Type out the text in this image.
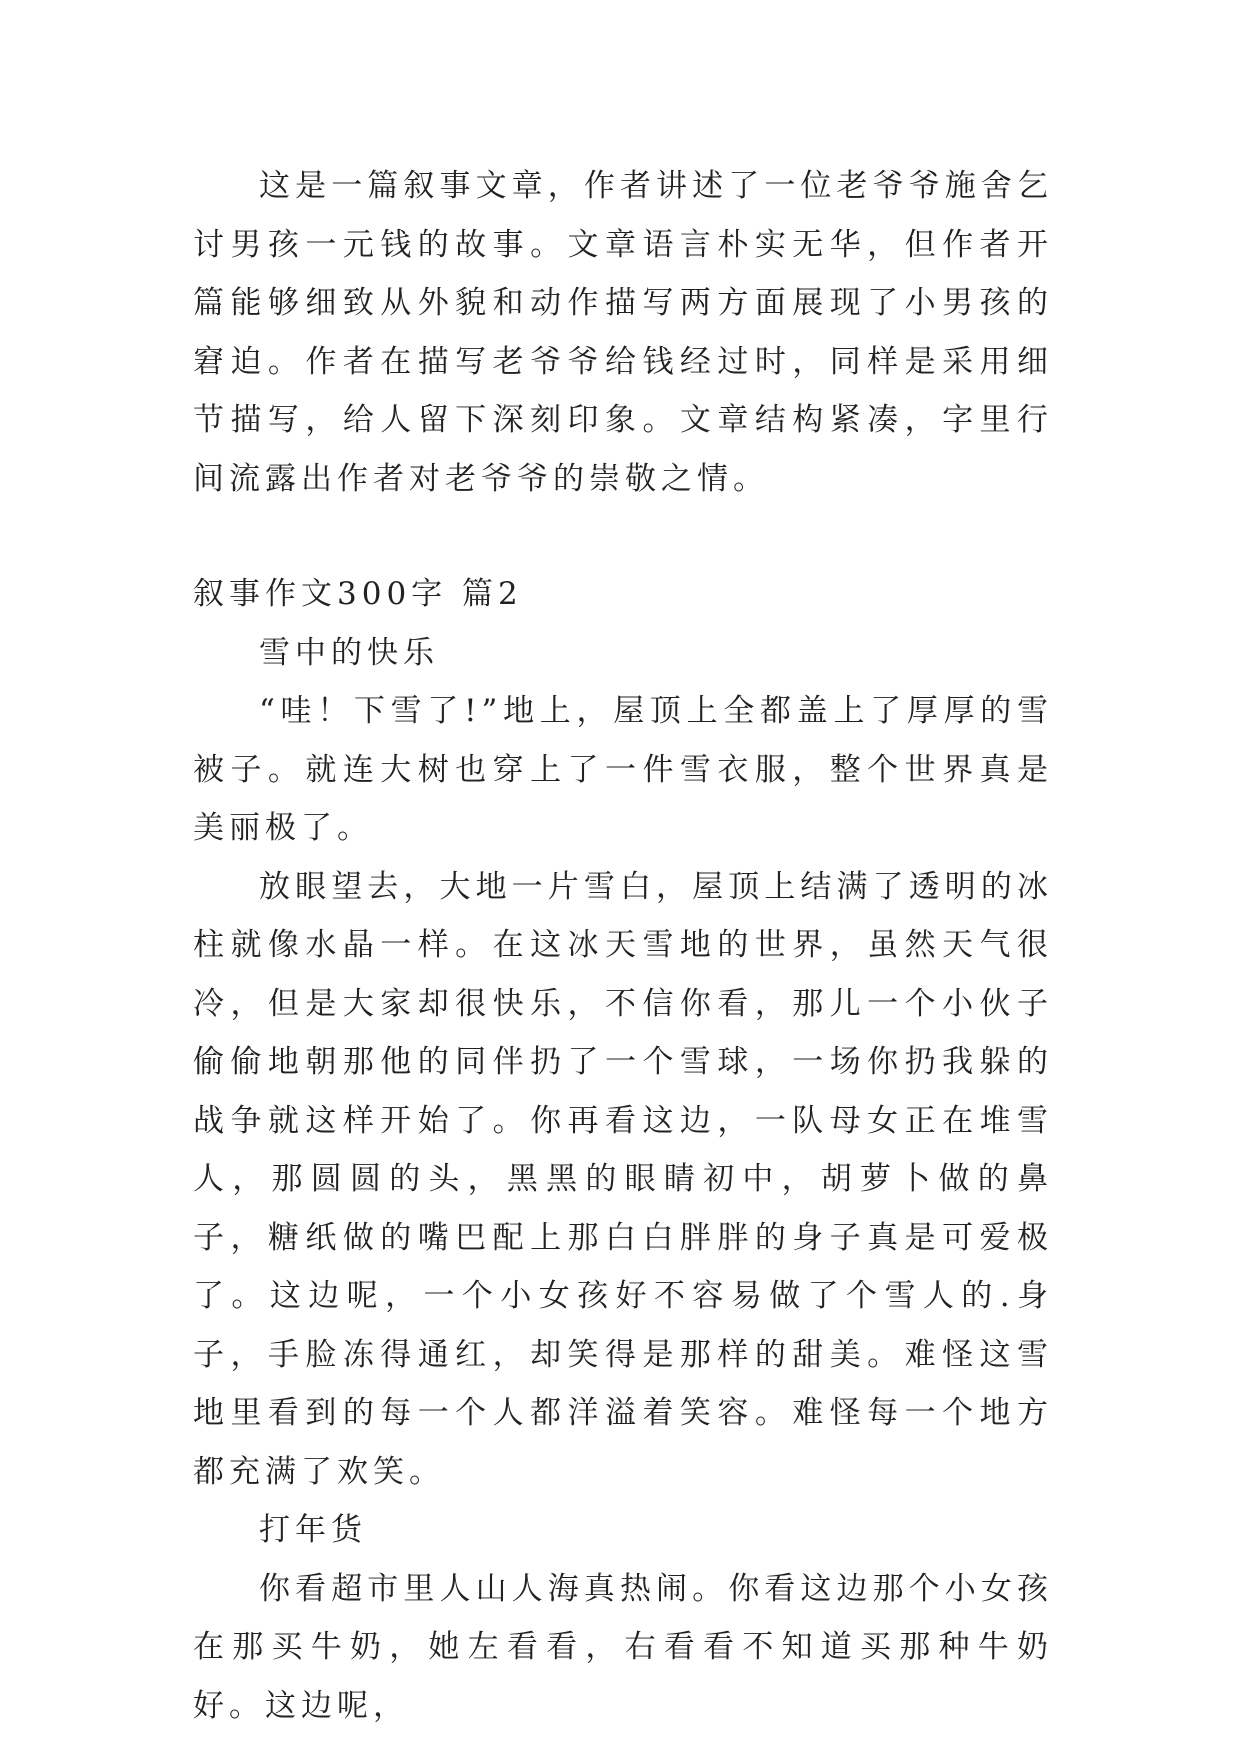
这是一篇叙事文章，作者讲述了一位老爷爷施舍乞讨男孩一元钱的故事。文章语言朴实无华，但作者开篇能够细致从外貌和动作描写两方面展现了小男孩的窘迫。作者在描写老爷爷给钱经过时，同样是采用细节描写，给人留下深刻印象。文章结构紧凑，字里行间流露出作者对老爷爷的崇敬之情。

叙事作文300字 篇2

雪中的快乐

“哇！下雪了!”地上，屋顶上全都盖上了厚厚的雪被子。就连大树也穿上了一件雪衣服，整个世界真是美丽极了。

放眼望去，大地一片雪白，屋顶上结满了透明的冰柱就像水晶一样。在这冰天雪地的世界，虽然天气很冷，但是大家却很快乐，不信你看，那儿一个小伙子偷偷地朝那他的同伴扔了一个雪球，一场你扔我躲的战争就这样开始了。你再看这边，一队母女正在堆雪人，那圆圆的头，黑黑的眼睛初中，胡萝卜做的鼻子，糖纸做的嘴巴配上那白白胖胖的身子真是可爱极了。这边呢，一个小女孩好不容易做了个雪人的.身子，手脸冻得通红，却笑得是那样的甜美。难怪这雪地里看到的每一个人都洋溢着笑容。难怪每一个地方都充满了欢笑。

打年货

你看超市里人山人海真热闹。你看这边那个小女孩在那买牛奶，她左看看，右看看不知道买那种牛奶好。这边呢，
